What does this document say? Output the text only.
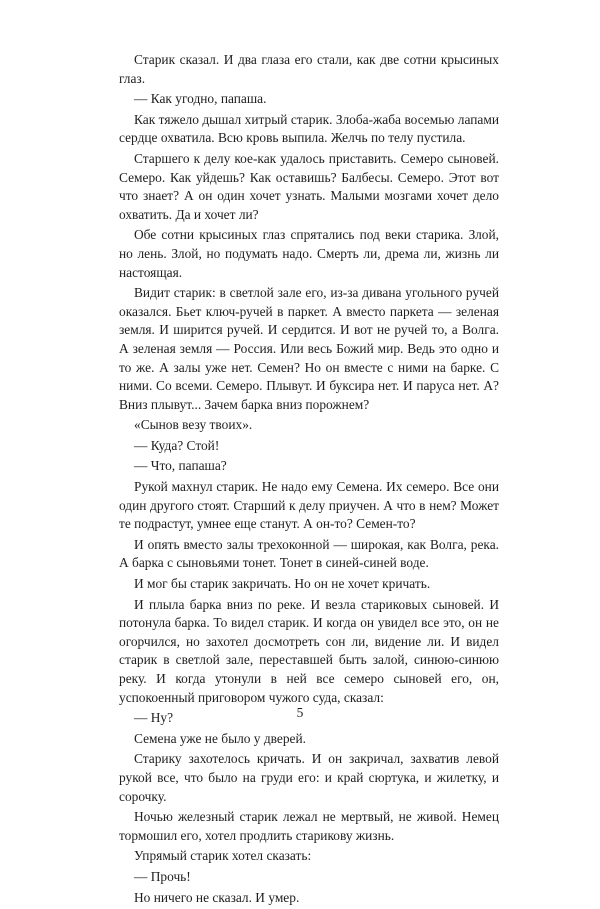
Старик сказал. И два глаза его стали, как две сотни крысиных глаз.

— Как угодно, папаша.

Как тяжело дышал хитрый старик. Злоба-жаба восемью лапами сердце охватила. Всю кровь выпила. Желчь по телу пустила.

Старшего к делу кое-как удалось приставить. Семеро сыновей. Семеро. Как уйдешь? Как оставишь? Балбесы. Семеро. Этот вот что знает? А он один хочет узнать. Малыми мозгами хочет дело охватить. Да и хочет ли?

Обе сотни крысиных глаз спрятались под веки старика. Злой, но лень. Злой, но подумать надо. Смерть ли, дрема ли, жизнь ли настоящая.

Видит старик: в светлой зале его, из-за дивана угольного ручей оказался. Бьет ключ-ручей в паркет. А вместо паркета — зеленая земля. И ширится ручей. И сердится. И вот не ручей то, а Волга. А зеленая земля — Россия. Или весь Божий мир. Ведь это одно и то же. А залы уже нет. Семен? Но он вместе с ними на барке. С ними. Со всеми. Семеро. Плывут. И буксира нет. И паруса нет. А? Вниз плывут... Зачем барка вниз порожнем?

«Сынов везу твоих».

— Куда? Стой!

— Что, папаша?

Рукой махнул старик. Не надо ему Семена. Их семеро. Все они один другого стоят. Старший к делу приучен. А что в нем? Может те подрастут, умнее еще станут. А он-то? Семен-то?

И опять вместо залы трехоконной — широкая, как Волга, река. А барка с сыновьями тонет. Тонет в синей-синей воде.

И мог бы старик закричать. Но он не хочет кричать.

И плыла барка вниз по реке. И везла стариковых сыновей. И потонула барка. То видел старик. И когда он увидел все это, он не огорчился, но захотел досмотреть сон ли, видение ли. И видел старик в светлой зале, переставшей быть залой, синюю-синюю реку. И когда утонули в ней все семеро сыновей его, он, успокоенный приговором чужого суда, сказал:

— Ну?

Семена уже не было у дверей.

Старику захотелось кричать. И он закричал, захватив левой рукой все, что было на груди его: и край сюртука, и жилетку, и сорочку.

Ночью железный старик лежал не мертвый, не живой. Немец тормошил его, хотел продлить старикову жизнь.

Упрямый старик хотел сказать:

— Прочь!

Но ничего не сказал. И умер.

5
